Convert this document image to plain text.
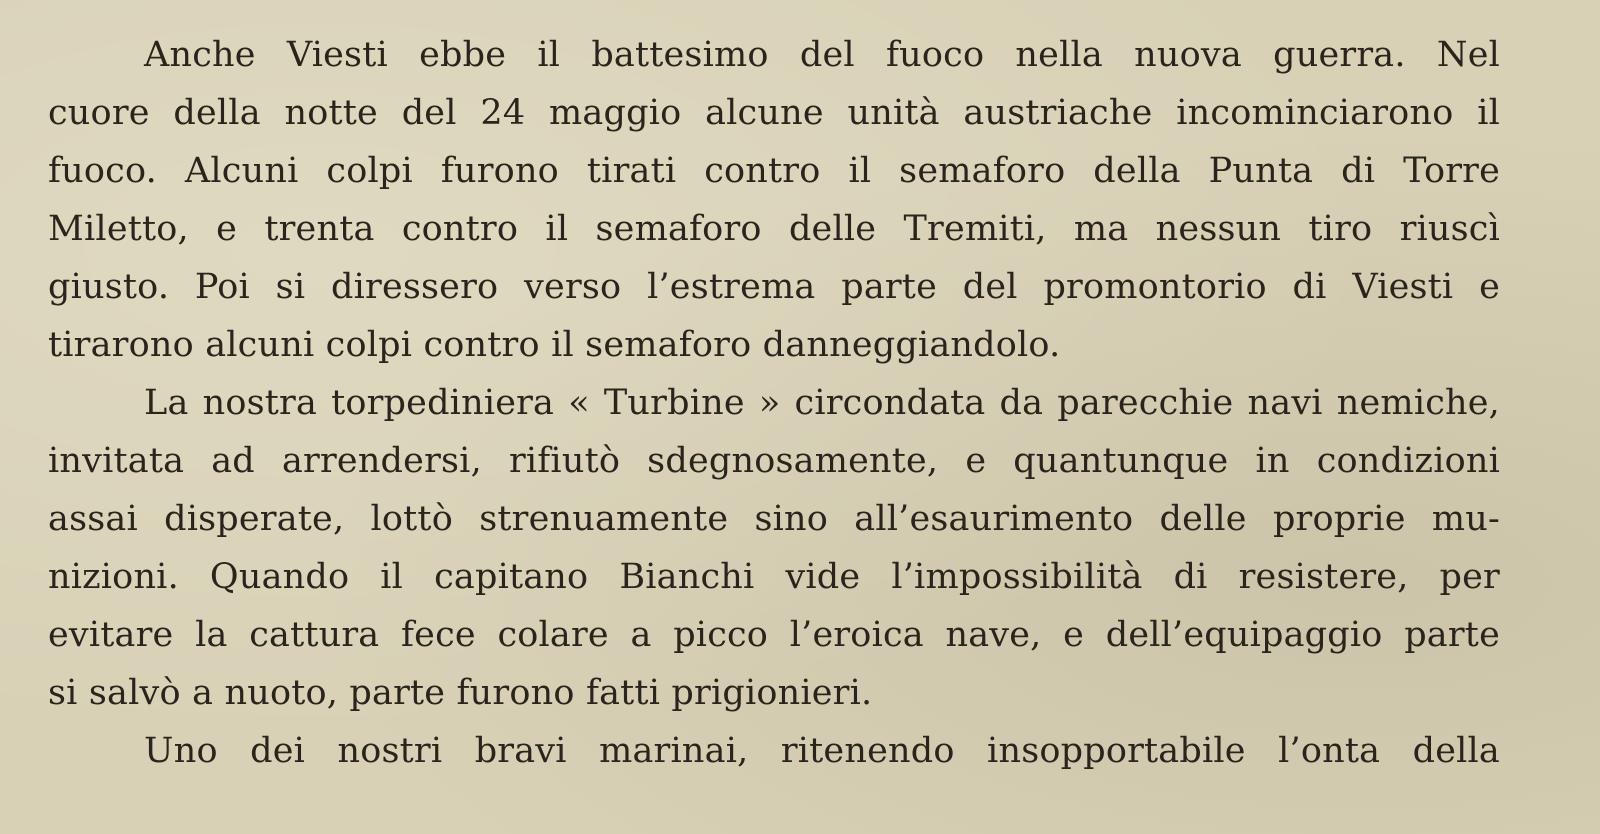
Anche Viesti ebbe il battesimo del fuoco nella nuova guerra. Nel
cuore della notte del 24 maggio alcune unità austriache incominciarono il
fuoco. Alcuni colpi furono tirati contro il semaforo della Punta di Torre
Miletto, e trenta contro il semaforo delle Tremiti, ma nessun tiro riuscì
giusto. Poi si diressero verso l’estrema parte del promontorio di Viesti e
tirarono alcuni colpi contro il semaforo danneggiandolo.
La nostra torpediniera « Turbine » circondata da parecchie navi nemiche,
invitata ad arrendersi, rifiutò sdegnosamente, e quantunque in condizioni
assai disperate, lottò strenuamente sino all’esaurimento delle proprie mu-
nizioni. Quando il capitano Bianchi vide l’impossibilità di resistere, per
evitare la cattura fece colare a picco l’eroica nave, e dell’equipaggio parte
si salvò a nuoto, parte furono fatti prigionieri.
Uno dei nostri bravi marinai, ritenendo insopportabile l’onta della
